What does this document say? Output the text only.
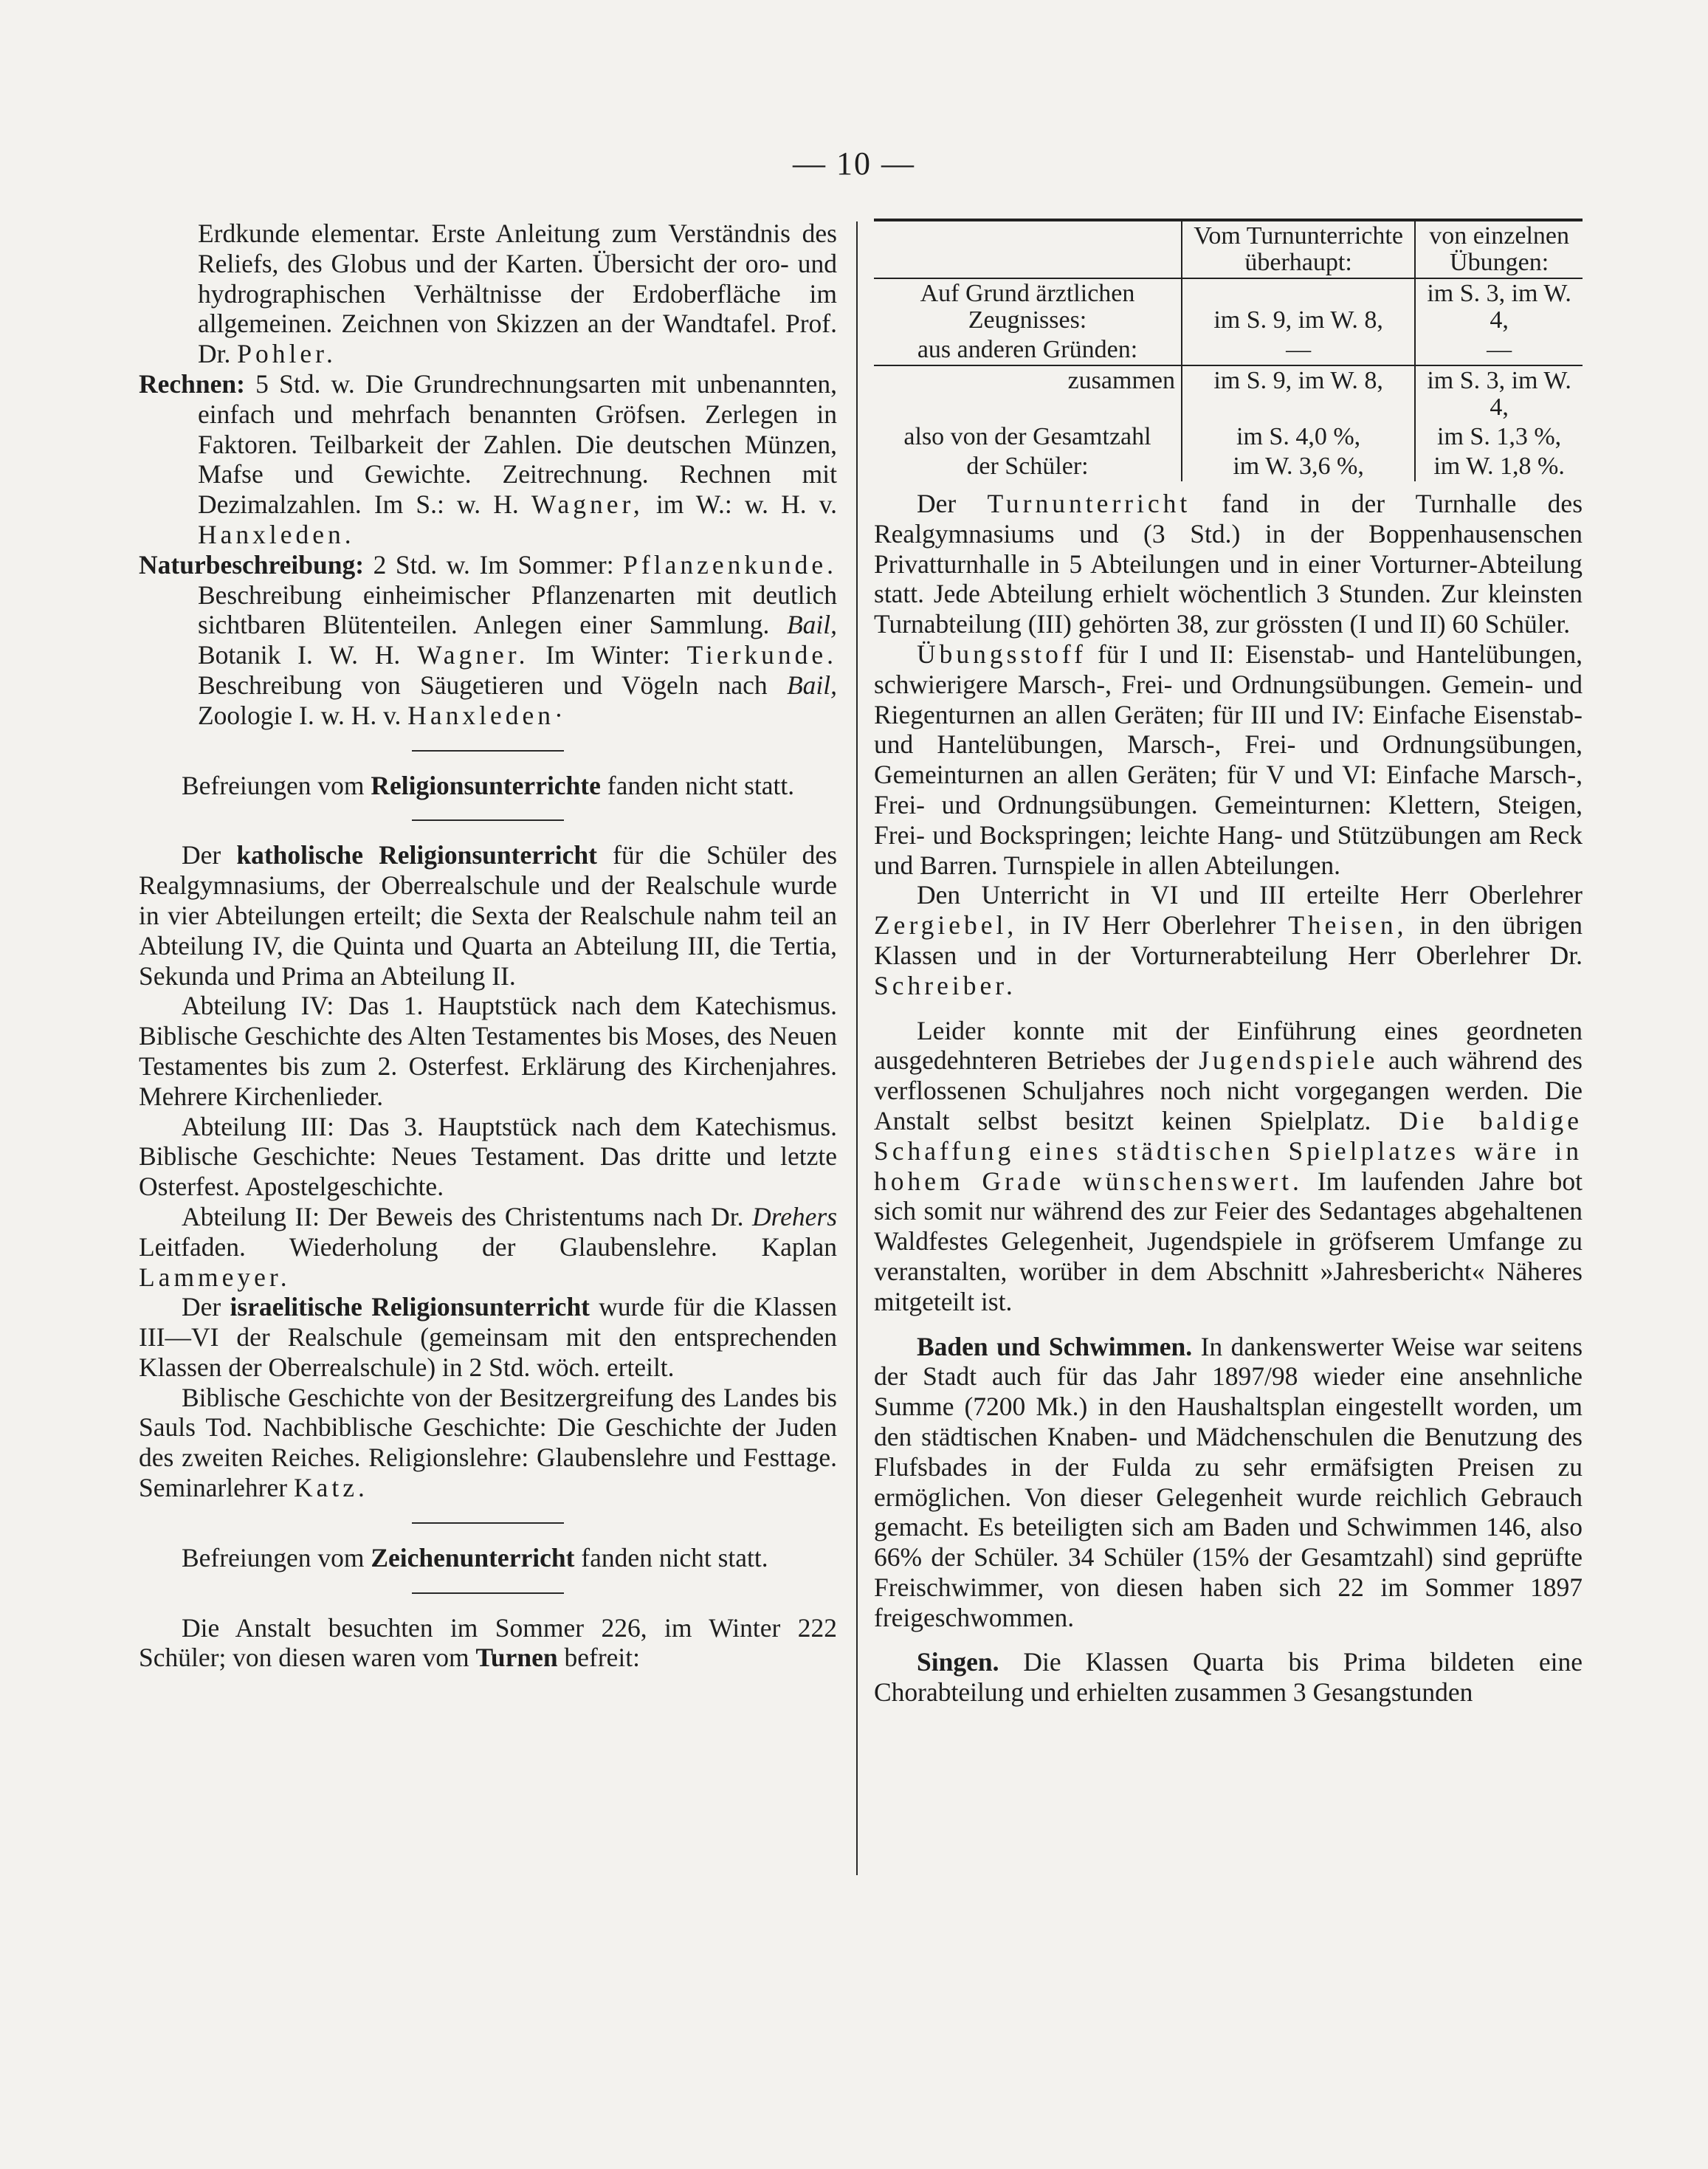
— 10 —

Erdkunde elementar. Erste Anleitung zum Verständnis des Reliefs, des Globus und der Karten. Übersicht der oro- und hydrographischen Verhältnisse der Erdoberfläche im allgemeinen. Zeichnen von Skizzen an der Wandtafel. Prof. Dr. Pohler.

Rechnen: 5 Std. w. Die Grundrechnungsarten mit unbenannten, einfach und mehrfach benannten Gröfsen. Zerlegen in Faktoren. Teilbarkeit der Zahlen. Die deutschen Münzen, Mafse und Gewichte. Zeitrechnung. Rechnen mit Dezimalzahlen. Im S.: w. H. Wagner, im W.: w. H. v. Hanxleden.

Naturbeschreibung: 2 Std. w. Im Sommer: Pflanzenkunde. Beschreibung einheimischer Pflanzenarten mit deutlich sichtbaren Blütenteilen. Anlegen einer Sammlung. Bail, Botanik I. W. H. Wagner. Im Winter: Tierkunde. Beschreibung von Säugetieren und Vögeln nach Bail, Zoologie I. w. H. v. Hanxleden·

Befreiungen vom Religionsunterrichte fanden nicht statt.

Der katholische Religionsunterricht für die Schüler des Realgymnasiums, der Oberrealschule und der Realschule wurde in vier Abteilungen erteilt; die Sexta der Realschule nahm teil an Abteilung IV, die Quinta und Quarta an Abteilung III, die Tertia, Sekunda und Prima an Abteilung II.

Abteilung IV: Das 1. Hauptstück nach dem Katechismus. Biblische Geschichte des Alten Testamentes bis Moses, des Neuen Testamentes bis zum 2. Osterfest. Erklärung des Kirchenjahres. Mehrere Kirchenlieder.

Abteilung III: Das 3. Hauptstück nach dem Katechismus. Biblische Geschichte: Neues Testament. Das dritte und letzte Osterfest. Apostelgeschichte.

Abteilung II: Der Beweis des Christentums nach Dr. Drehers Leitfaden. Wiederholung der Glaubenslehre. Kaplan Lammeyer.

Der israelitische Religionsunterricht wurde für die Klassen III—VI der Realschule (gemeinsam mit den entsprechenden Klassen der Oberrealschule) in 2 Std. wöch. erteilt.

Biblische Geschichte von der Besitzergreifung des Landes bis Sauls Tod. Nachbiblische Geschichte: Die Geschichte der Juden des zweiten Reiches. Religionslehre: Glaubenslehre und Festtage. Seminarlehrer Katz.

Befreiungen vom Zeichenunterricht fanden nicht statt.

Die Anstalt besuchten im Sommer 226, im Winter 222 Schüler; von diesen waren vom Turnen befreit:

	Vom Turnunterrichte überhaupt:	von einzelnen Übungen:
Auf Grund ärztlichen Zeugnisses:	im S. 9, im W. 8,	im S. 3, im W. 4,
aus anderen Gründen:	—	—
zusammen	im S. 9, im W. 8,	im S. 3, im W. 4,
also von der Gesamtzahl	im S. 4,0 %,	im S. 1,3 %,
der Schüler:	im W. 3,6 %,	im W. 1,8 %.

Der Turnunterricht fand in der Turnhalle des Realgymnasiums und (3 Std.) in der Boppenhausenschen Privatturnhalle in 5 Abteilungen und in einer Vorturner-Abteilung statt. Jede Abteilung erhielt wöchentlich 3 Stunden. Zur kleinsten Turnabteilung (III) gehörten 38, zur grössten (I und II) 60 Schüler.

Übungsstoff für I und II: Eisenstab- und Hantelübungen, schwierigere Marsch-, Frei- und Ordnungsübungen. Gemein- und Riegenturnen an allen Geräten; für III und IV: Einfache Eisenstab- und Hantelübungen, Marsch-, Frei- und Ordnungsübungen, Gemeinturnen an allen Geräten; für V und VI: Einfache Marsch-, Frei- und Ordnungsübungen. Gemeinturnen: Klettern, Steigen, Frei- und Bockspringen; leichte Hang- und Stützübungen am Reck und Barren. Turnspiele in allen Abteilungen.

Den Unterricht in VI und III erteilte Herr Oberlehrer Zergiebel, in IV Herr Oberlehrer Theisen, in den übrigen Klassen und in der Vorturnerabteilung Herr Oberlehrer Dr. Schreiber.

Leider konnte mit der Einführung eines geordneten ausgedehnteren Betriebes der Jugendspiele auch während des verflossenen Schuljahres noch nicht vorgegangen werden. Die Anstalt selbst besitzt keinen Spielplatz. Die baldige Schaffung eines städtischen Spielplatzes wäre in hohem Grade wünschenswert. Im laufenden Jahre bot sich somit nur während des zur Feier des Sedantages abgehaltenen Waldfestes Gelegenheit, Jugendspiele in gröfserem Umfange zu veranstalten, worüber in dem Abschnitt »Jahresbericht« Näheres mitgeteilt ist.

Baden und Schwimmen. In dankenswerter Weise war seitens der Stadt auch für das Jahr 1897/98 wieder eine ansehnliche Summe (7200 Mk.) in den Haushaltsplan eingestellt worden, um den städtischen Knaben- und Mädchenschulen die Benutzung des Flufsbades in der Fulda zu sehr ermäfsigten Preisen zu ermöglichen. Von dieser Gelegenheit wurde reichlich Gebrauch gemacht. Es beteiligten sich am Baden und Schwimmen 146, also 66% der Schüler. 34 Schüler (15% der Gesamtzahl) sind geprüfte Freischwimmer, von diesen haben sich 22 im Sommer 1897 freigeschwommen.

Singen. Die Klassen Quarta bis Prima bildeten eine Chorabteilung und erhielten zusammen 3 Gesangstunden
